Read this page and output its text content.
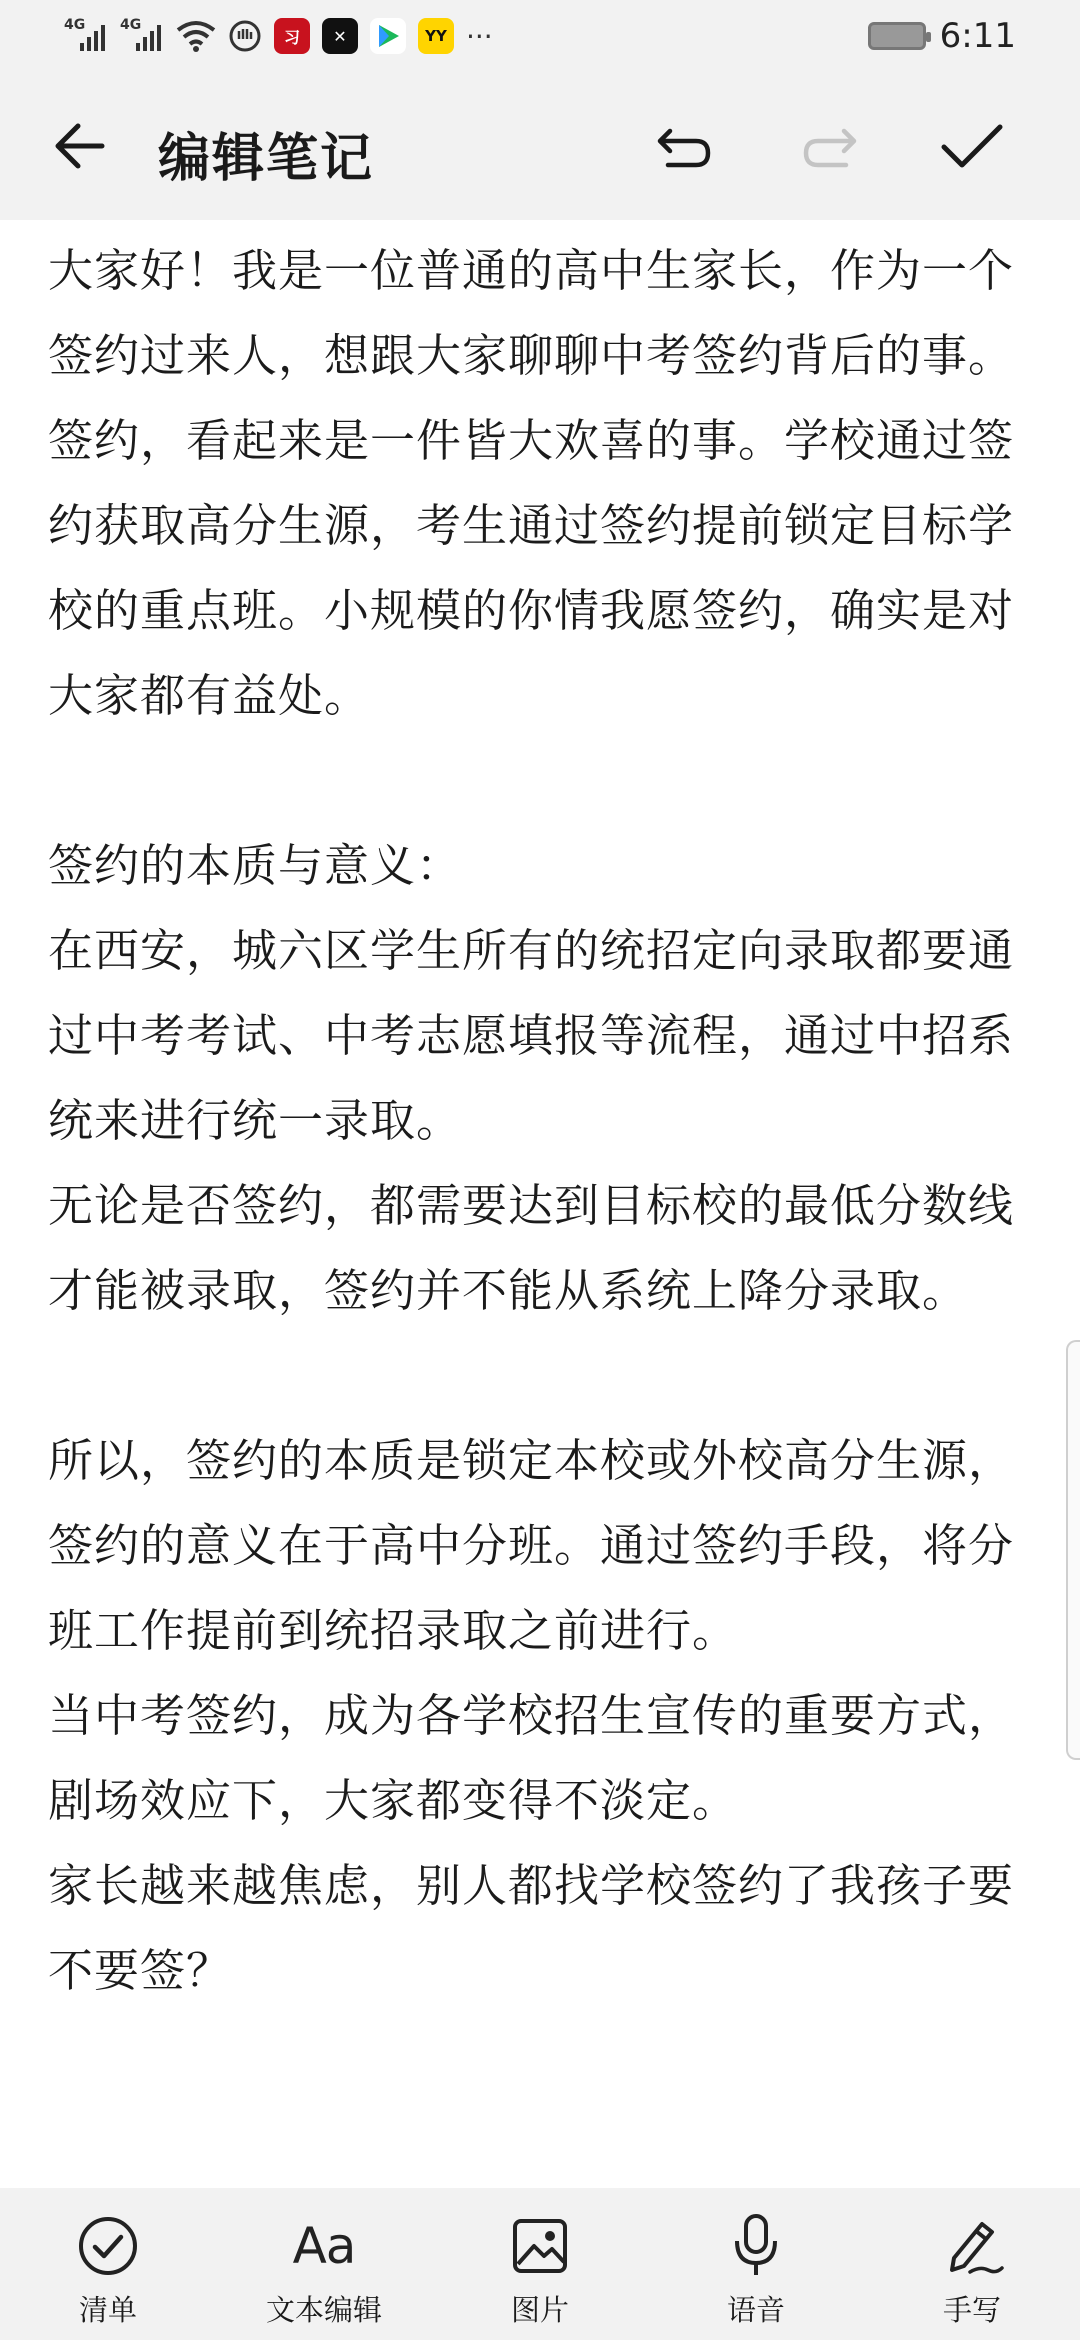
4G 4G
习	✕	YY ···	6:11
编辑笔记

大家好！我是一位普通的高中生家长，作为一个签约过来人，想跟大家聊聊中考签约背后的事。

签约，看起来是一件皆大欢喜的事。学校通过签约获取高分生源，考生通过签约提前锁定目标学校的重点班。小规模的你情我愿签约，确实是对大家都有益处。

签约的本质与意义：

在西安，城六区学生所有的统招定向录取都要通过中考考试、中考志愿填报等流程，通过中招系统来进行统一录取。

无论是否签约，都需要达到目标校的最低分数线才能被录取，签约并不能从系统上降分录取。

所以，签约的本质是锁定本校或外校高分生源，签约的意义在于高中分班。通过签约手段，将分班工作提前到统招录取之前进行。

当中考签约，成为各学校招生宣传的重要方式，剧场效应下，大家都变得不淡定。

家长越来越焦虑，别人都找学校签约了我孩子要不要签？

清单
Aa
文本编辑	图片	语音	手写
